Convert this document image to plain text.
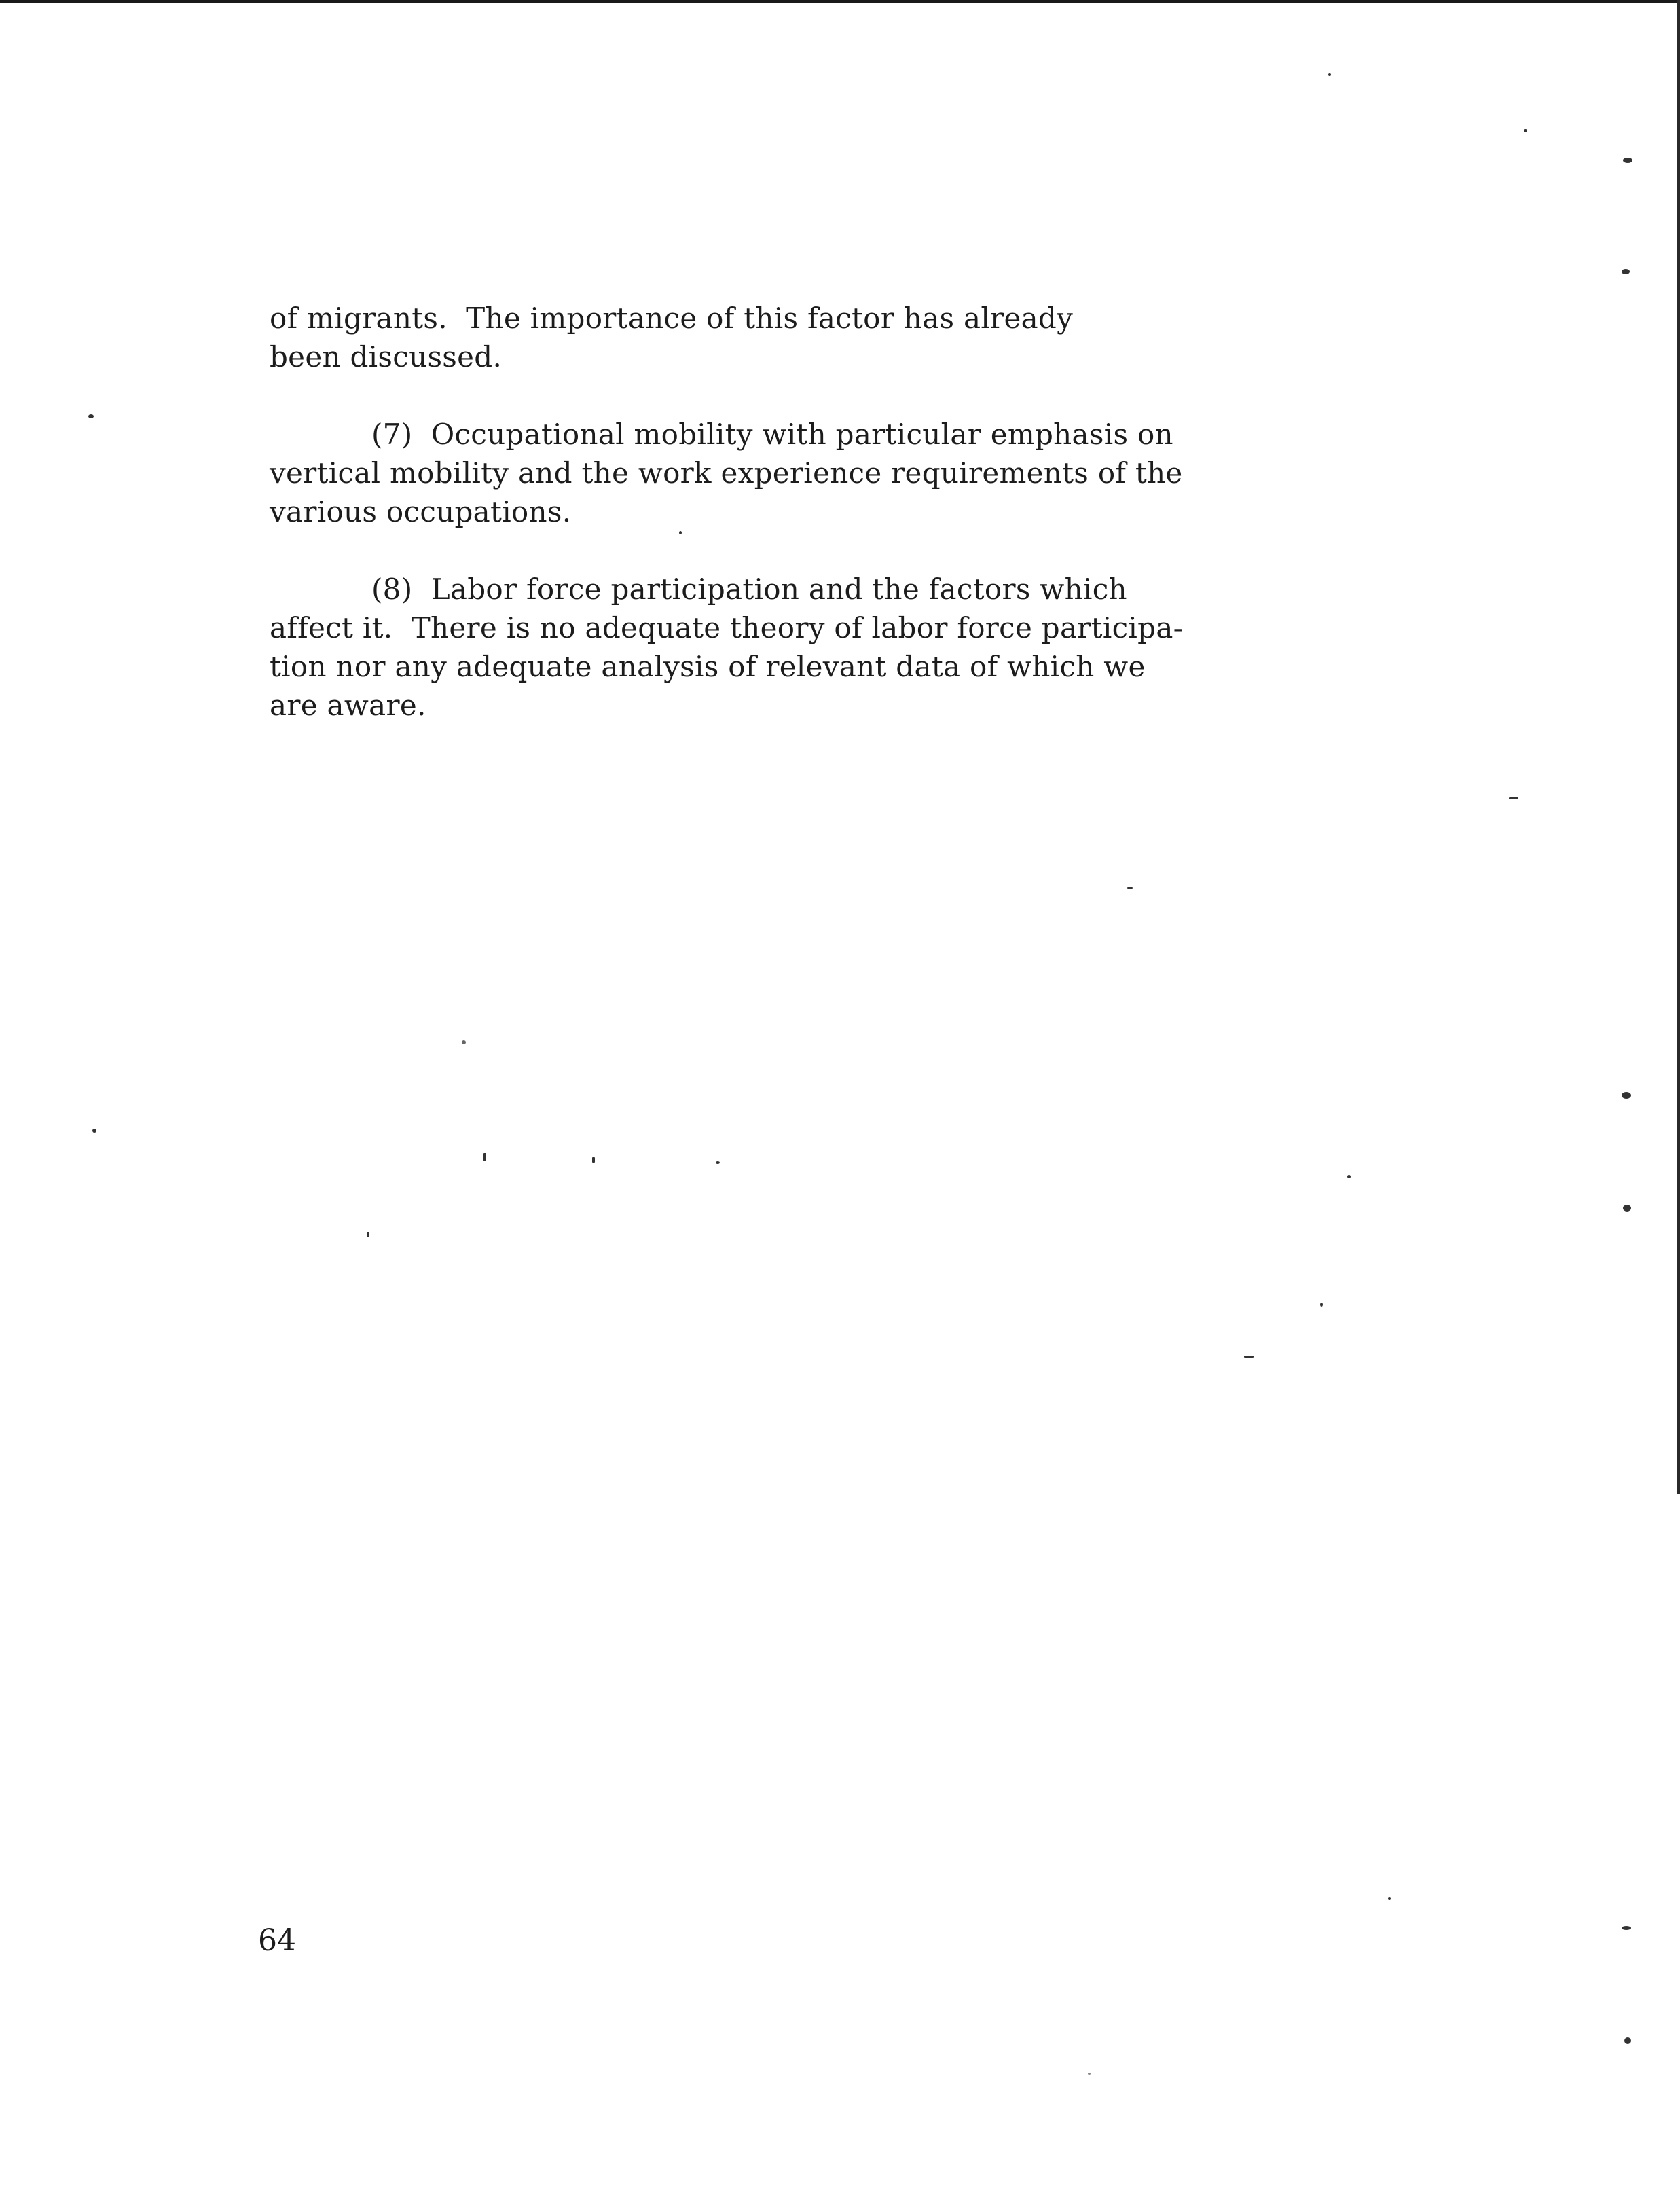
of migrants.  The importance of this factor has already
been discussed.
(7)  Occupational mobility with particular emphasis on
vertical mobility and the work experience requirements of the
various occupations.
(8)  Labor force participation and the factors which
affect it.  There is no adequate theory of labor force participa-
tion nor any adequate analysis of relevant data of which we
are aware.
64
